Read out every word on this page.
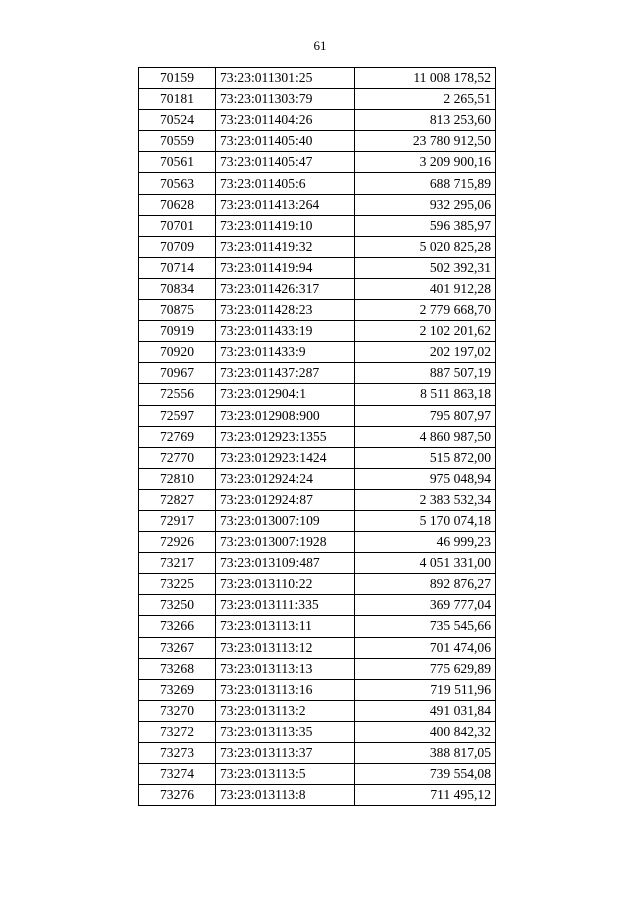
61
70159	73:23:011301:25	11 008 178,52
70181	73:23:011303:79	2 265,51
70524	73:23:011404:26	813 253,60
70559	73:23:011405:40	23 780 912,50
70561	73:23:011405:47	3 209 900,16
70563	73:23:011405:6	688 715,89
70628	73:23:011413:264	932 295,06
70701	73:23:011419:10	596 385,97
70709	73:23:011419:32	5 020 825,28
70714	73:23:011419:94	502 392,31
70834	73:23:011426:317	401 912,28
70875	73:23:011428:23	2 779 668,70
70919	73:23:011433:19	2 102 201,62
70920	73:23:011433:9	202 197,02
70967	73:23:011437:287	887 507,19
72556	73:23:012904:1	8 511 863,18
72597	73:23:012908:900	795 807,97
72769	73:23:012923:1355	4 860 987,50
72770	73:23:012923:1424	515 872,00
72810	73:23:012924:24	975 048,94
72827	73:23:012924:87	2 383 532,34
72917	73:23:013007:109	5 170 074,18
72926	73:23:013007:1928	46 999,23
73217	73:23:013109:487	4 051 331,00
73225	73:23:013110:22	892 876,27
73250	73:23:013111:335	369 777,04
73266	73:23:013113:11	735 545,66
73267	73:23:013113:12	701 474,06
73268	73:23:013113:13	775 629,89
73269	73:23:013113:16	719 511,96
73270	73:23:013113:2	491 031,84
73272	73:23:013113:35	400 842,32
73273	73:23:013113:37	388 817,05
73274	73:23:013113:5	739 554,08
73276	73:23:013113:8	711 495,12
